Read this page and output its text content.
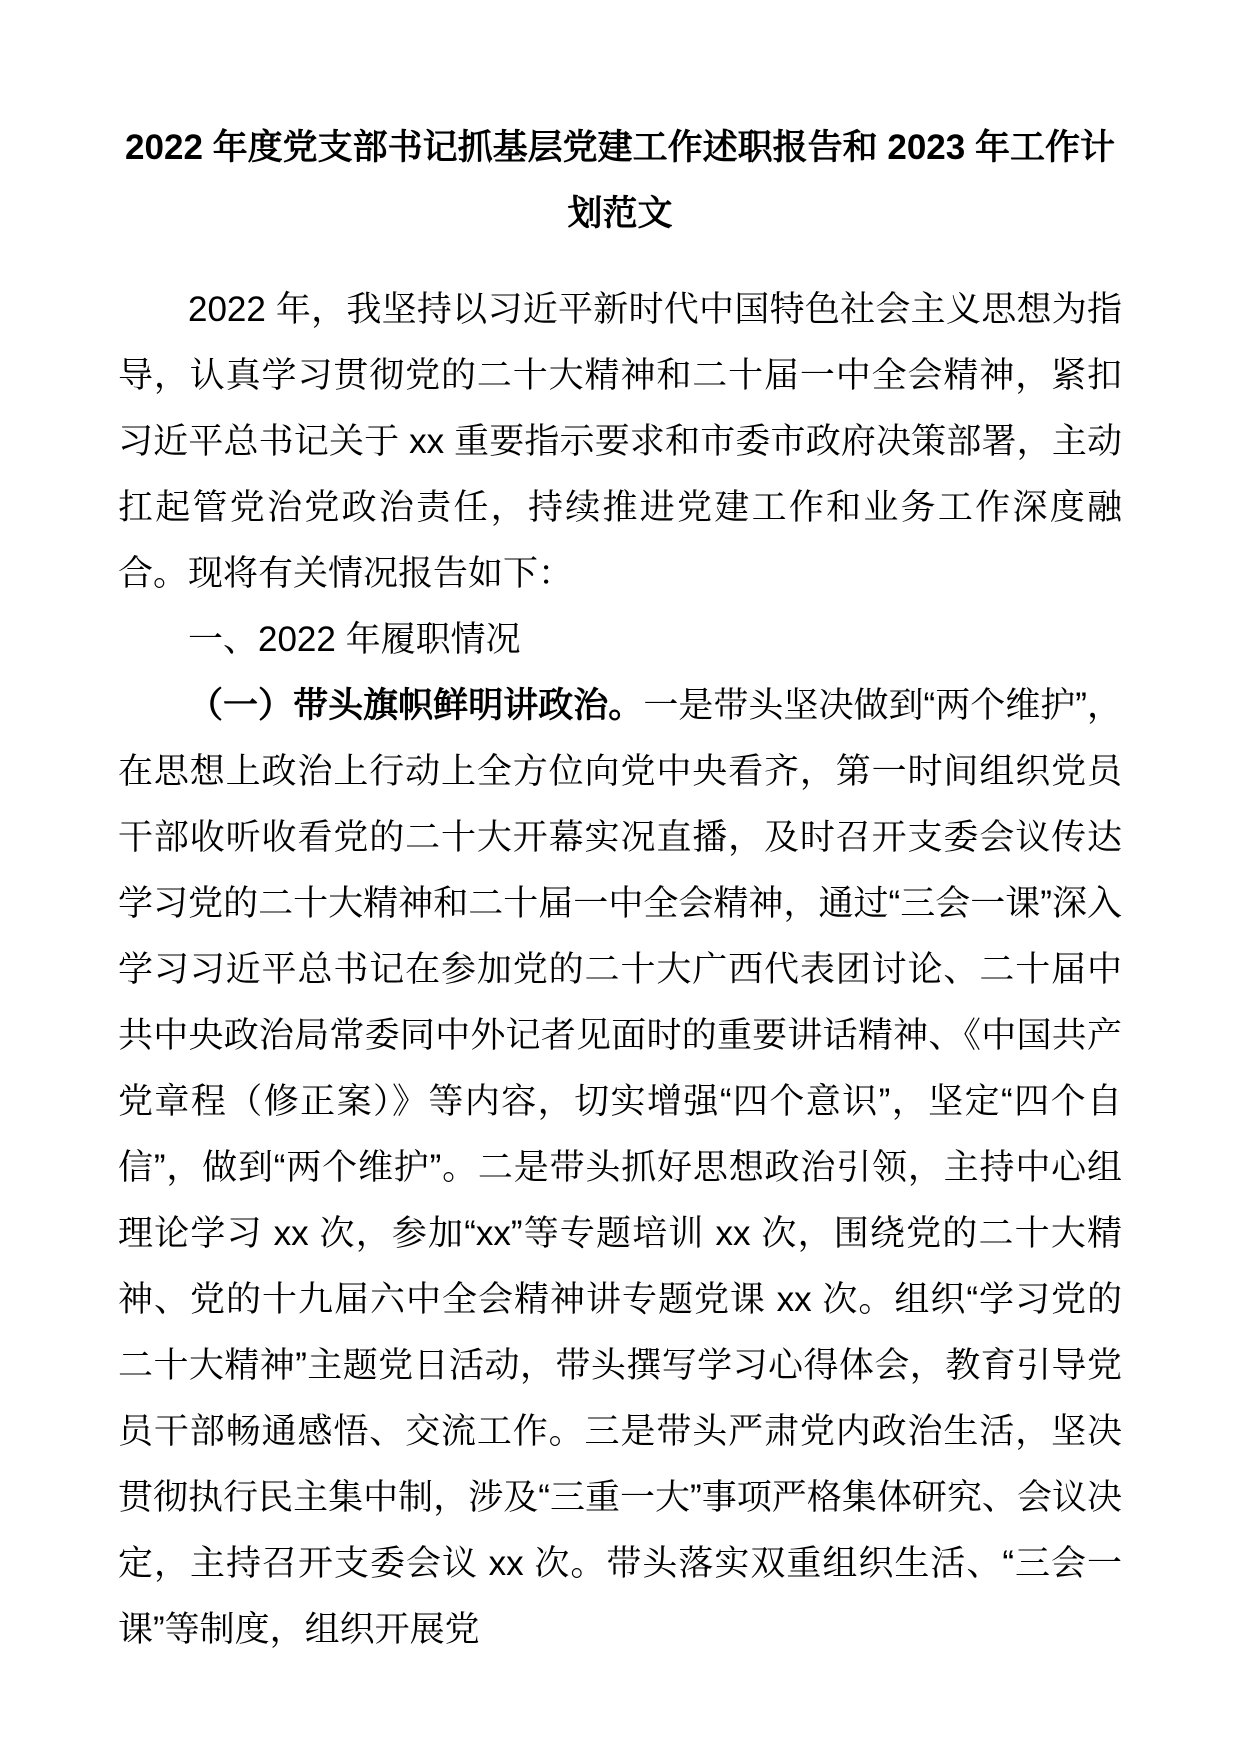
2022 年度党支部书记抓基层党建工作述职报告和 2023 年工作计划范文

2022 年，我坚持以习近平新时代中国特色社会主义思想为指导，认真学习贯彻党的二十大精神和二十届一中全会精神，紧扣习近平总书记关于 xx 重要指示要求和市委市政府决策部署，主动扛起管党治党政治责任，持续推进党建工作和业务工作深度融合。现将有关情况报告如下：

一、2022 年履职情况

（一）带头旗帜鲜明讲政治。一是带头坚决做到“两个维护”，在思想上政治上行动上全方位向党中央看齐，第一时间组织党员干部收听收看党的二十大开幕实况直播，及时召开支委会议传达学习党的二十大精神和二十届一中全会精神，通过“三会一课”深入学习习近平总书记在参加党的二十大广西代表团讨论、二十届中共中央政治局常委同中外记者见面时的重要讲话精神、《中国共产党章程（修正案）》等内容，切实增强“四个意识”，坚定“四个自信”，做到“两个维护”。二是带头抓好思想政治引领，主持中心组理论学习 xx 次，参加“xx”等专题培训 xx 次，围绕党的二十大精神、党的十九届六中全会精神讲专题党课 xx 次。组织“学习党的二十大精神”主题党日活动，带头撰写学习心得体会，教育引导党员干部畅通感悟、交流工作。三是带头严肃党内政治生活，坚决贯彻执行民主集中制，涉及“三重一大”事项严格集体研究、会议决定，主持召开支委会议 xx 次。带头落实双重组织生活、“三会一课”等制度，组织开展党
